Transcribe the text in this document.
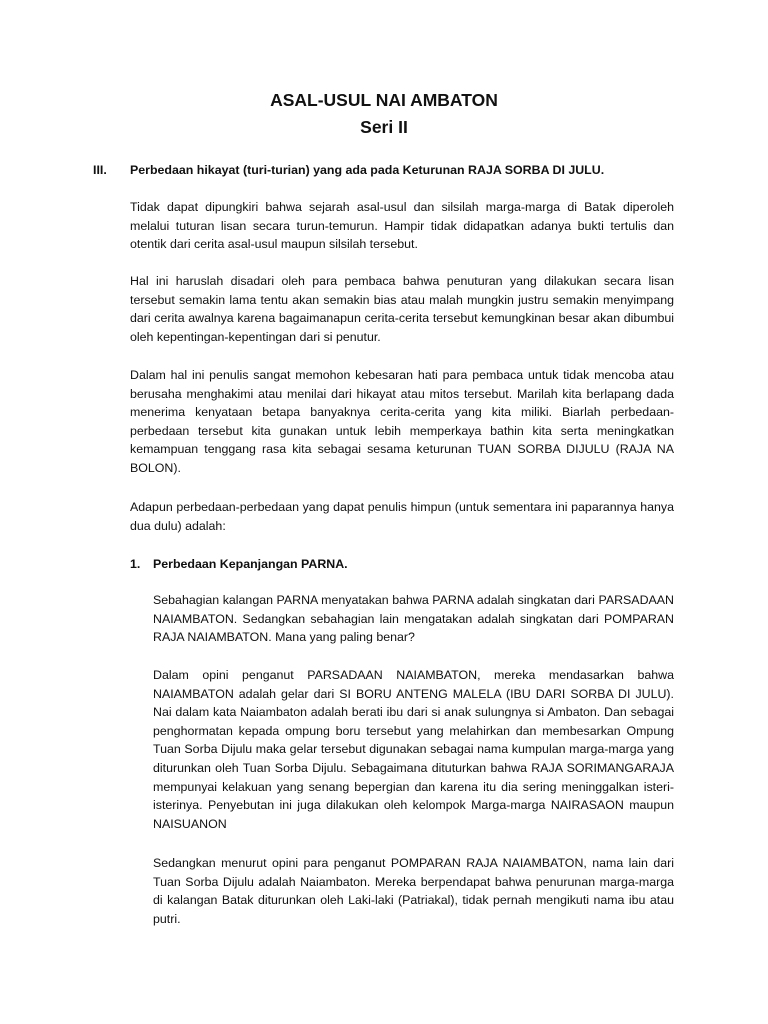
ASAL-USUL NAI AMBATON
Seri II
III. Perbedaan hikayat (turi-turian) yang ada pada Keturunan RAJA SORBA DI JULU.

Tidak dapat dipungkiri bahwa sejarah asal-usul dan silsilah marga-marga di Batak diperoleh melalui tuturan lisan secara turun-temurun. Hampir tidak didapatkan adanya bukti tertulis dan otentik dari cerita asal-usul maupun silsilah tersebut.

Hal ini haruslah disadari oleh para pembaca bahwa penuturan yang dilakukan secara lisan tersebut semakin lama tentu akan semakin bias atau malah mungkin justru semakin menyimpang dari cerita awalnya karena bagaimanapun cerita-cerita tersebut kemungkinan besar akan dibumbui oleh kepentingan-kepentingan dari si penutur.

Dalam hal ini penulis sangat memohon kebesaran hati para pembaca untuk tidak mencoba atau berusaha menghakimi atau menilai dari hikayat atau mitos tersebut. Marilah kita berlapang dada menerima kenyataan betapa banyaknya cerita-cerita yang kita miliki. Biarlah perbedaan-perbedaan tersebut kita gunakan untuk lebih memperkaya bathin kita serta meningkatkan kemampuan tenggang rasa kita sebagai sesama keturunan TUAN SORBA DIJULU (RAJA NA BOLON).

Adapun perbedaan-perbedaan yang dapat penulis himpun (untuk sementara ini paparannya hanya dua dulu) adalah:

1. Perbedaan Kepanjangan PARNA.

Sebahagian kalangan PARNA menyatakan bahwa PARNA adalah singkatan dari PARSADAAN NAIAMBATON. Sedangkan sebahagian lain mengatakan adalah singkatan dari POMPARAN RAJA NAIAMBATON. Mana yang paling benar?

Dalam opini penganut PARSADAAN NAIAMBATON, mereka mendasarkan bahwa NAIAMBATON adalah gelar dari SI BORU ANTENG MALELA (IBU DARI SORBA DI JULU). Nai dalam kata Naiambaton adalah berati ibu dari si anak sulungnya si Ambaton. Dan sebagai penghormatan kepada ompung boru tersebut yang melahirkan dan membesarkan Ompung Tuan Sorba Dijulu maka gelar tersebut digunakan sebagai nama kumpulan marga-marga yang diturunkan oleh Tuan Sorba Dijulu. Sebagaimana dituturkan bahwa RAJA SORIMANGARAJA mempunyai kelakuan yang senang bepergian dan karena itu dia sering meninggalkan isteri-isterinya. Penyebutan ini juga dilakukan oleh kelompok Marga-marga NAIRASAON maupun NAISUANON

Sedangkan menurut opini para penganut POMPARAN RAJA NAIAMBATON, nama lain dari Tuan Sorba Dijulu adalah Naiambaton. Mereka berpendapat bahwa penurunan marga-marga di kalangan Batak diturunkan oleh Laki-laki (Patriakal), tidak pernah mengikuti nama ibu atau putri.
